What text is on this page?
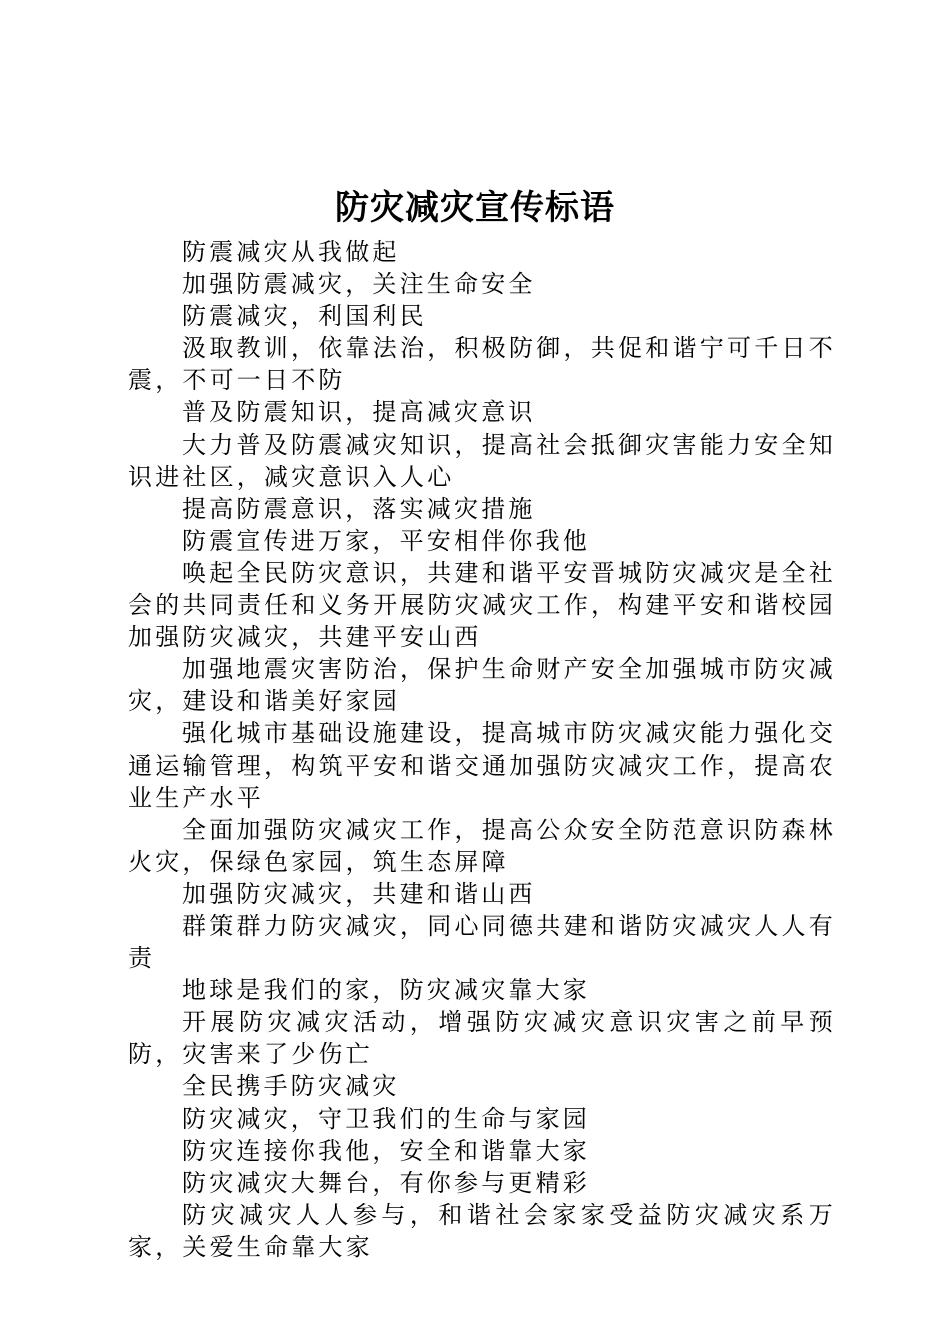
防灾减灾宣传标语

防震减灾从我做起

加强防震减灾，关注生命安全

防震减灾，利国利民

汲取教训，依靠法治，积极防御，共促和谐宁可千日不震，不可一日不防

普及防震知识，提高减灾意识

大力普及防震减灾知识，提高社会抵御灾害能力安全知识进社区，减灾意识入人心

提高防震意识，落实减灾措施

防震宣传进万家，平安相伴你我他

唤起全民防灾意识，共建和谐平安晋城防灾减灾是全社会的共同责任和义务开展防灾减灾工作，构建平安和谐校园加强防灾减灾，共建平安山西

加强地震灾害防治，保护生命财产安全加强城市防灾减灾，建设和谐美好家园

强化城市基础设施建设，提高城市防灾减灾能力强化交通运输管理，构筑平安和谐交通加强防灾减灾工作，提高农业生产水平

全面加强防灾减灾工作，提高公众安全防范意识防森林火灾，保绿色家园，筑生态屏障

加强防灾减灾，共建和谐山西

群策群力防灾减灾，同心同德共建和谐防灾减灾人人有责

地球是我们的家，防灾减灾靠大家

开展防灾减灾活动，增强防灾减灾意识灾害之前早预防，灾害来了少伤亡

全民携手防灾减灾

防灾减灾，守卫我们的生命与家园

防灾连接你我他，安全和谐靠大家

防灾减灾大舞台，有你参与更精彩

防灾减灾人人参与，和谐社会家家受益防灾减灾系万家，关爱生命靠大家
